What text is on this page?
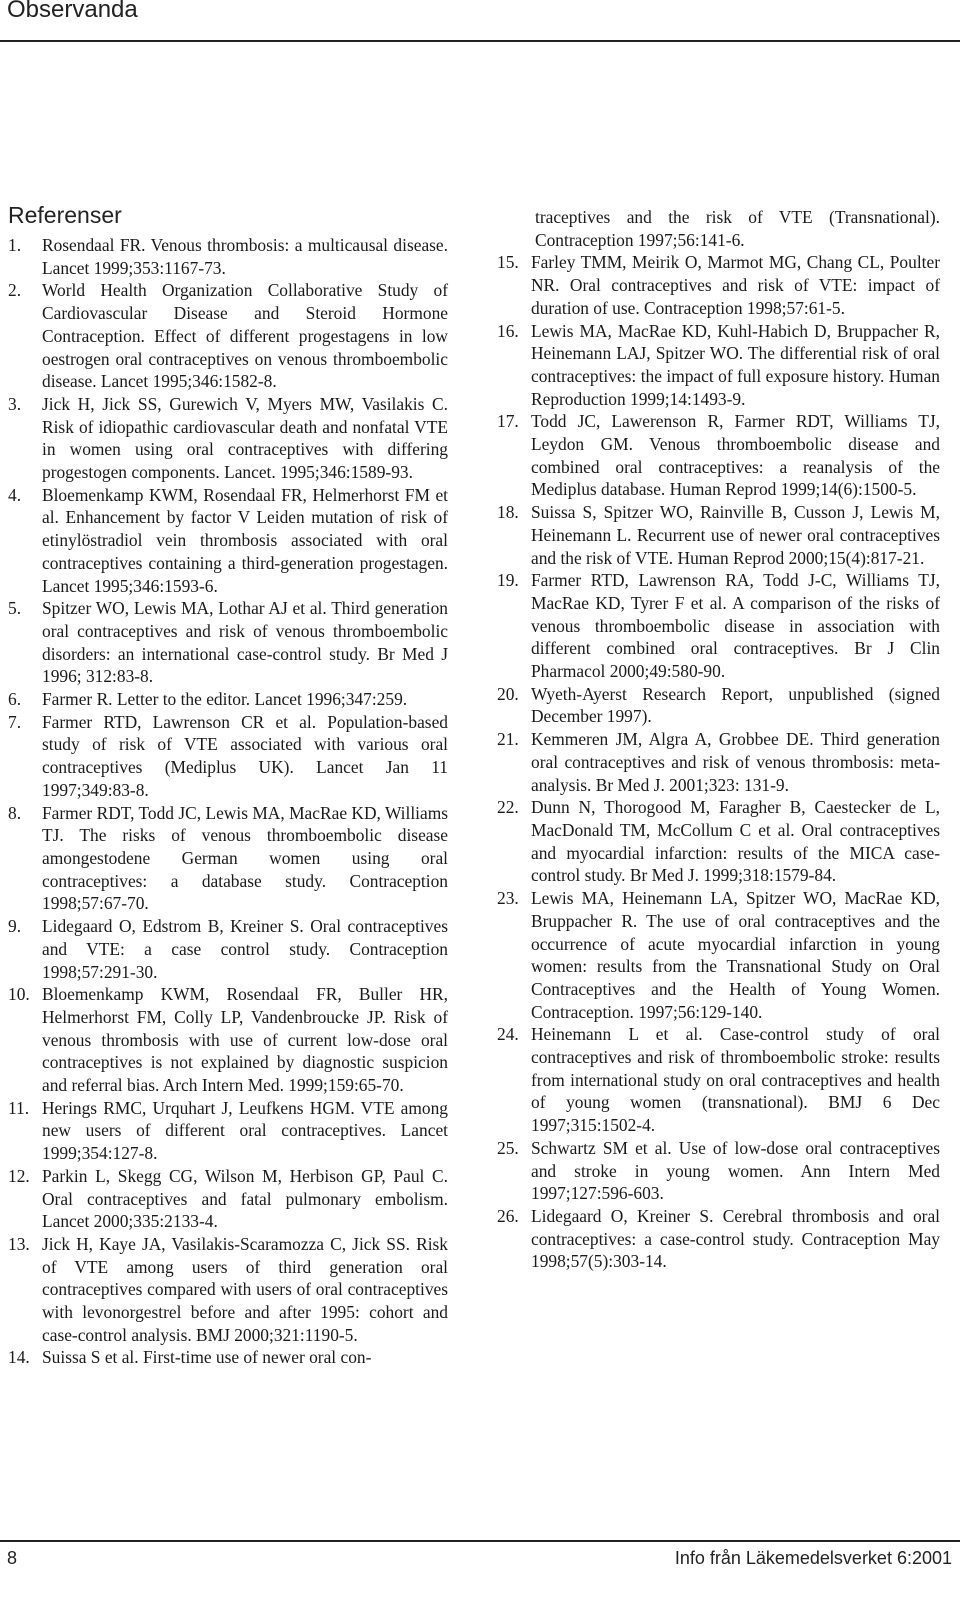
Observanda
Referenser
1.	Rosendaal FR. Venous thrombosis: a multicausal disease. Lancet 1999;353:1167-73.
2.	World Health Organization Collaborative Study of Cardiovascular Disease and Steroid Hormone Contraception. Effect of different progestagens in low oestrogen oral contraceptives on venous thromboembolic disease. Lancet 1995;346:1582-8.
3.	Jick H, Jick SS, Gurewich V, Myers MW, Vasilakis C. Risk of idiopathic cardiovascular death and nonfatal VTE in women using oral contraceptives with differing progestogen components. Lancet. 1995;346:1589-93.
4.	Bloemenkamp KWM, Rosendaal FR, Helmerhorst FM et al. Enhancement by factor V Leiden mutation of risk of etinylöstradiol vein thrombosis associated with oral contraceptives containing a third-generation progestagen. Lancet 1995;346:1593-6.
5.	Spitzer WO, Lewis MA, Lothar AJ et al. Third generation oral contraceptives and risk of venous thromboembolic disorders: an international case-control study. Br Med J 1996; 312:83-8.
6.	Farmer R. Letter to the editor. Lancet 1996;347:259.
7.	Farmer RTD, Lawrenson CR et al. Population-based study of risk of VTE associated with various oral contraceptives (Mediplus UK). Lancet Jan 11 1997;349:83-8.
8.	Farmer RDT, Todd JC, Lewis MA, MacRae KD, Williams TJ. The risks of venous thromboembolic disease amongestodene German women using oral contraceptives: a database study. Contraception 1998;57:67-70.
9.	Lidegaard O, Edstrom B, Kreiner S. Oral contraceptives and VTE: a case control study. Contraception 1998;57:291-30.
10. Bloemenkamp KWM, Rosendaal FR, Buller HR, Helmerhorst FM, Colly LP, Vandenbroucke JP. Risk of venous thrombosis with use of current low-dose oral contraceptives is not explained by diagnostic suspicion and referral bias. Arch Intern Med. 1999;159:65-70.
11. Herings RMC, Urquhart J, Leufkens HGM. VTE among new users of different oral contraceptives. Lancet 1999;354:127-8.
12. Parkin L, Skegg CG, Wilson M, Herbison GP, Paul C. Oral contraceptives and fatal pulmonary embolism. Lancet 2000;335:2133-4.
13. Jick H, Kaye JA, Vasilakis-Scaramozza C, Jick SS. Risk of VTE among users of third generation oral contraceptives compared with users of oral contraceptives with levonorgestrel before and after 1995: cohort and case-control analysis. BMJ 2000;321:1190-5.
14. Suissa S et al. First-time use of newer oral con-
traceptives and the risk of VTE (Transnational). Contraception 1997;56:141-6.
15. Farley TMM, Meirik O, Marmot MG, Chang CL, Poulter NR. Oral contraceptives and risk of VTE: impact of duration of use. Contraception 1998;57:61-5.
16. Lewis MA, MacRae KD, Kuhl-Habich D, Bruppacher R, Heinemann LAJ, Spitzer WO. The differential risk of oral contraceptives: the impact of full exposure history. Human Reproduction 1999;14:1493-9.
17. Todd JC, Lawerenson R, Farmer RDT, Williams TJ, Leydon GM. Venous thromboembolic disease and combined oral contraceptives: a reanalysis of the Mediplus database. Human Reprod 1999;14(6):1500-5.
18. Suissa S, Spitzer WO, Rainville B, Cusson J, Lewis M, Heinemann L. Recurrent use of newer oral contraceptives and the risk of VTE. Human Reprod 2000;15(4):817-21.
19. Farmer RTD, Lawrenson RA, Todd J-C, Williams TJ, MacRae KD, Tyrer F et al. A comparison of the risks of venous thromboembolic disease in association with different combined oral contraceptives. Br J Clin Pharmacol 2000;49:580-90.
20. Wyeth-Ayerst Research Report, unpublished (signed December 1997).
21. Kemmeren JM, Algra A, Grobbee DE. Third generation oral contraceptives and risk of venous thrombosis: meta-analysis. Br Med J. 2001;323: 131-9.
22. Dunn N, Thorogood M, Faragher B, Caestecker de L, MacDonald TM, McCollum C et al. Oral contraceptives and myocardial infarction: results of the MICA case-control study. Br Med J. 1999;318:1579-84.
23. Lewis MA, Heinemann LA, Spitzer WO, MacRae KD, Bruppacher R. The use of oral contraceptives and the occurrence of acute myocardial infarction in young women: results from the Transnational Study on Oral Contraceptives and the Health of Young Women. Contraception. 1997;56:129-140.
24. Heinemann L et al. Case-control study of oral contraceptives and risk of thromboembolic stroke: results from international study on oral contraceptives and health of young women (transnational). BMJ 6 Dec 1997;315:1502-4.
25. Schwartz SM et al. Use of low-dose oral contraceptives and stroke in young women. Ann Intern Med 1997;127:596-603.
26. Lidegaard O, Kreiner S. Cerebral thrombosis and oral contraceptives: a case-control study. Contraception May 1998;57(5):303-14.
8	Info från Läkemedelsverket 6:2001
